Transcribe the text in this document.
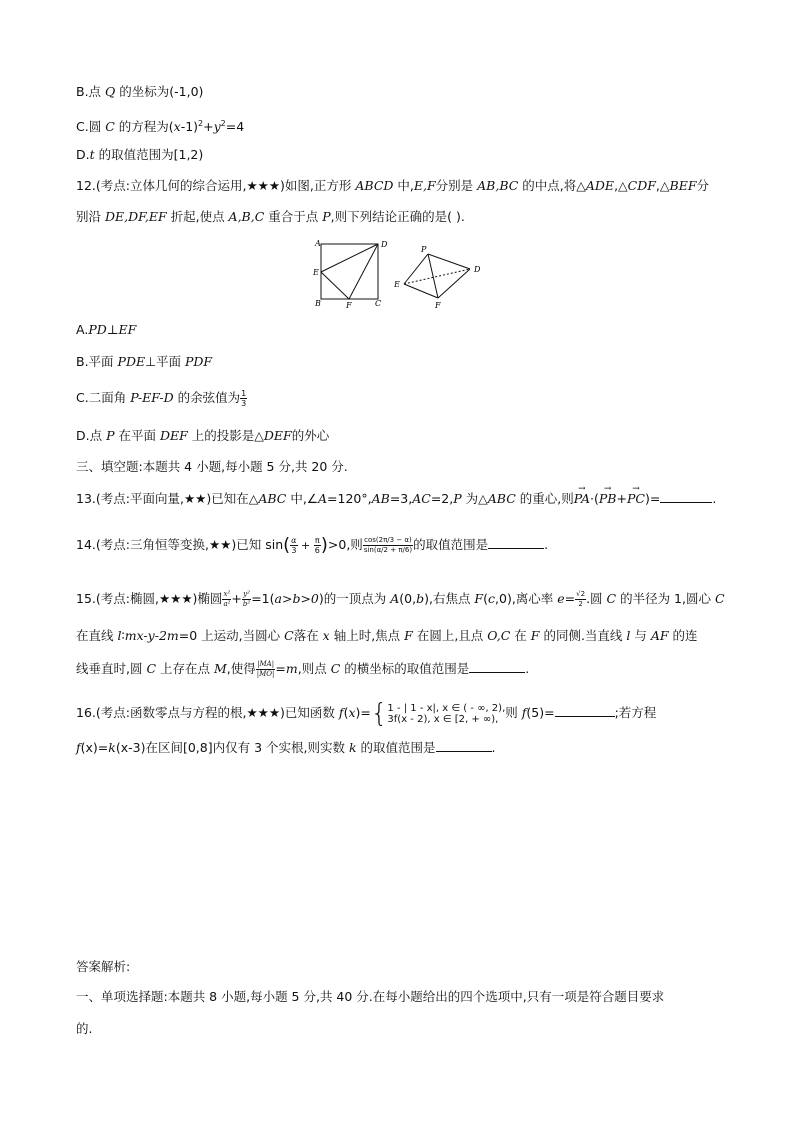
B.点 Q 的坐标为(-1,0)
C.圆 C 的方程为$(x-1)^2+y^2=4$
D.t 的取值范围为[1,2)
12.(考点:立体几何的综合运用,★★★)如图,正方形 ABCD 中,E,F分别是 AB,BC 的中点,将△ADE,△CDF,△BEF分
别沿 DE,DF,EF 折起,使点 A,B,C 重合于点 P,则下列结论正确的是( ).
A	D
E
B	F	C
P
D
E
F
A.PD⊥EF
B.平面 PDE⊥平面 PDF
C.二面角 P-EF-D 的余弦值为 $\frac{1}{3}$
D.点 P 在平面 DEF 上的投影是△DEF的外心
三、填空题:本题共 4 小题,每小题 5 分,共 20 分.
13.(考点:平面向量,★★)已知在△ABC 中,∠A=120°,AB=3,AC=2,P 为△ABC 的重心,则→ PA·(→ PB+→ PC)=	.
14.(考点:三角恒等变换,★★)已知 $\sin( \frac{\alpha}{3} + \frac{\pi}{6} )>0$,则 $\frac{\cos(2\pi/3 - \alpha)}{\sin(\alpha/2 + \pi/6)}$ 的取值范围是	.
15.(考点:椭圆,★★★)椭圆 $\frac{\text{x²}}{\text{a²}} + \frac{\text{y²}}{\text{b²}} =1(a>b>0)$的一顶点为 A(0,b),右焦点 F(c,0),离心率 $e= \frac{√2}{2}$ .圆 C 的半径为 1,圆心 C
在直线 l∶mx-y-2m=0 上运动,当圆心 C落在 x 轴上时,焦点 F 在圆上,且点 O,C 在 F 的同侧.当直线 l 与 AF 的连
线垂直时,圆 C 上存在点 M,使得 $\frac{|MA|}{|MO|} =m$,则点 C 的横坐标的取值范围是	.
16.(考点:函数零点与方程的根,★★★)已知函数 f(x)={ 1 - | 1 - x|, x ∈ ( - ∞, 2),
3f(x - 2), x ∈ [2, + ∞), 则 f(5)=	;若方程
f(x)=k(x-3)在区间[0,8]内仅有 3 个实根,则实数 k 的取值范围是	.
答案解析:
一、单项选择题:本题共 8 小题,每小题 5 分,共 40 分.在每小题给出的四个选项中,只有一项是符合题目要求
的.
